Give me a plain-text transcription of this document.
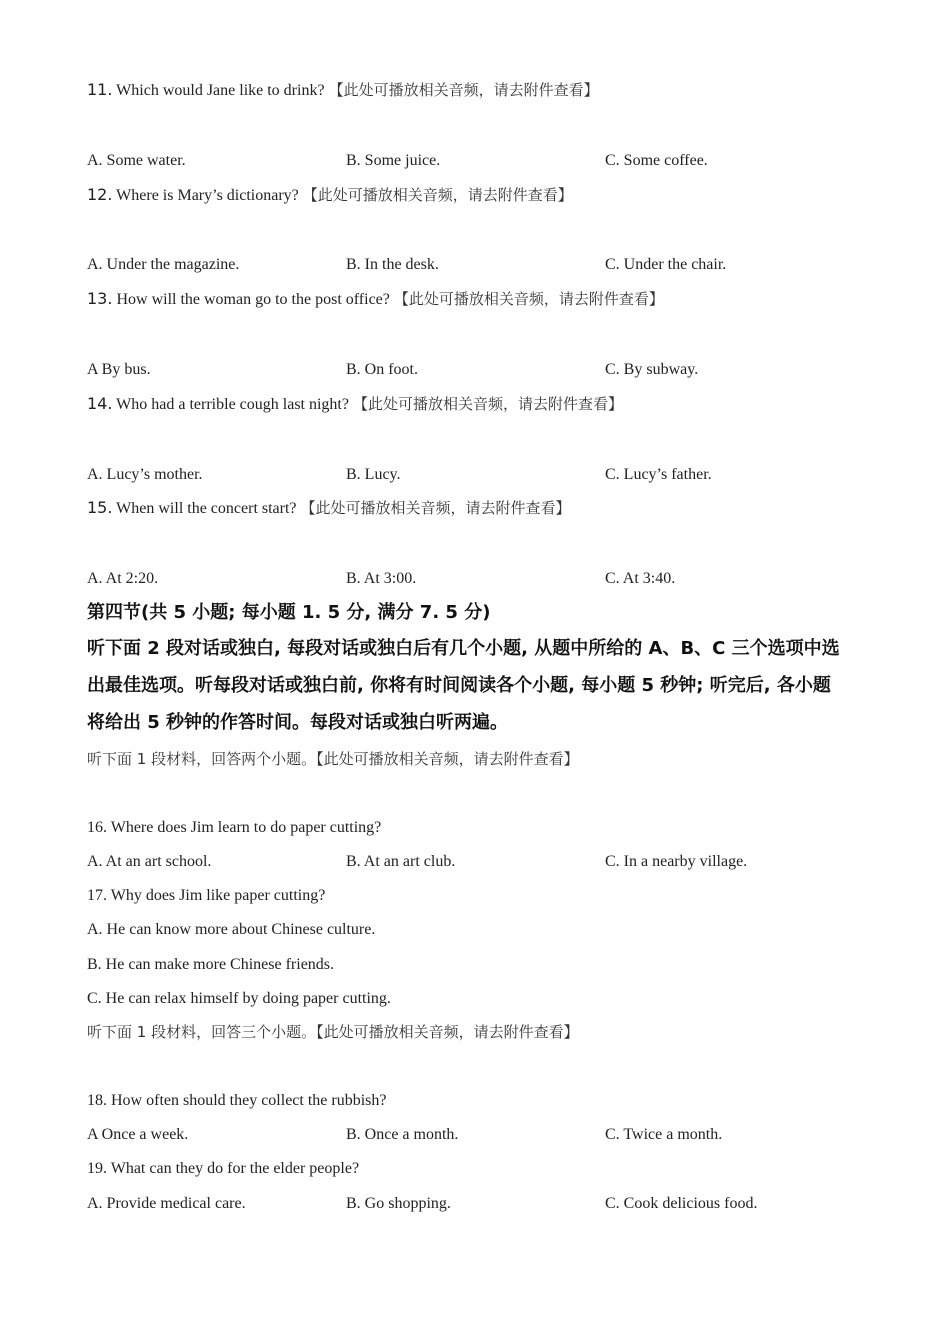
11. Which would Jane like to drink? 【此处可播放相关音频，请去附件查看】
A. Some water.	B. Some juice.	C. Some coffee.
12. Where is Mary’s dictionary? 【此处可播放相关音频，请去附件查看】
A. Under the magazine.	B. In the desk.	C. Under the chair.
13. How will the woman go to the post office? 【此处可播放相关音频，请去附件查看】
A By bus.	B. On foot.	C. By subway.
14. Who had a terrible cough last night? 【此处可播放相关音频，请去附件查看】
A. Lucy’s mother.	B. Lucy.	C. Lucy’s father.
15. When will the concert start? 【此处可播放相关音频，请去附件查看】
A. At 2:20.	B. At 3:00.	C. At 3:40.
第四节(共 5 小题; 每小题 1. 5 分, 满分 7. 5 分)
听下面 2 段对话或独白, 每段对话或独白后有几个小题, 从题中所给的 A、B、C 三个选项中选
出最佳选项。听每段对话或独白前, 你将有时间阅读各个小题, 每小题 5 秒钟; 听完后, 各小题
将给出 5 秒钟的作答时间。每段对话或独白听两遍。
听下面 1 段材料，回答两个小题。【此处可播放相关音频，请去附件查看】
16. Where does Jim learn to do paper cutting?
A. At an art school.	B. At an art club.	C. In a nearby village.
17. Why does Jim like paper cutting?
A. He can know more about Chinese culture.
B. He can make more Chinese friends.
C. He can relax himself by doing paper cutting.
听下面 1 段材料，回答三个小题。【此处可播放相关音频，请去附件查看】
18. How often should they collect the rubbish?
A Once a week.	B. Once a month.	C. Twice a month.
19. What can they do for the elder people?
A. Provide medical care.	B. Go shopping.	C. Cook delicious food.
